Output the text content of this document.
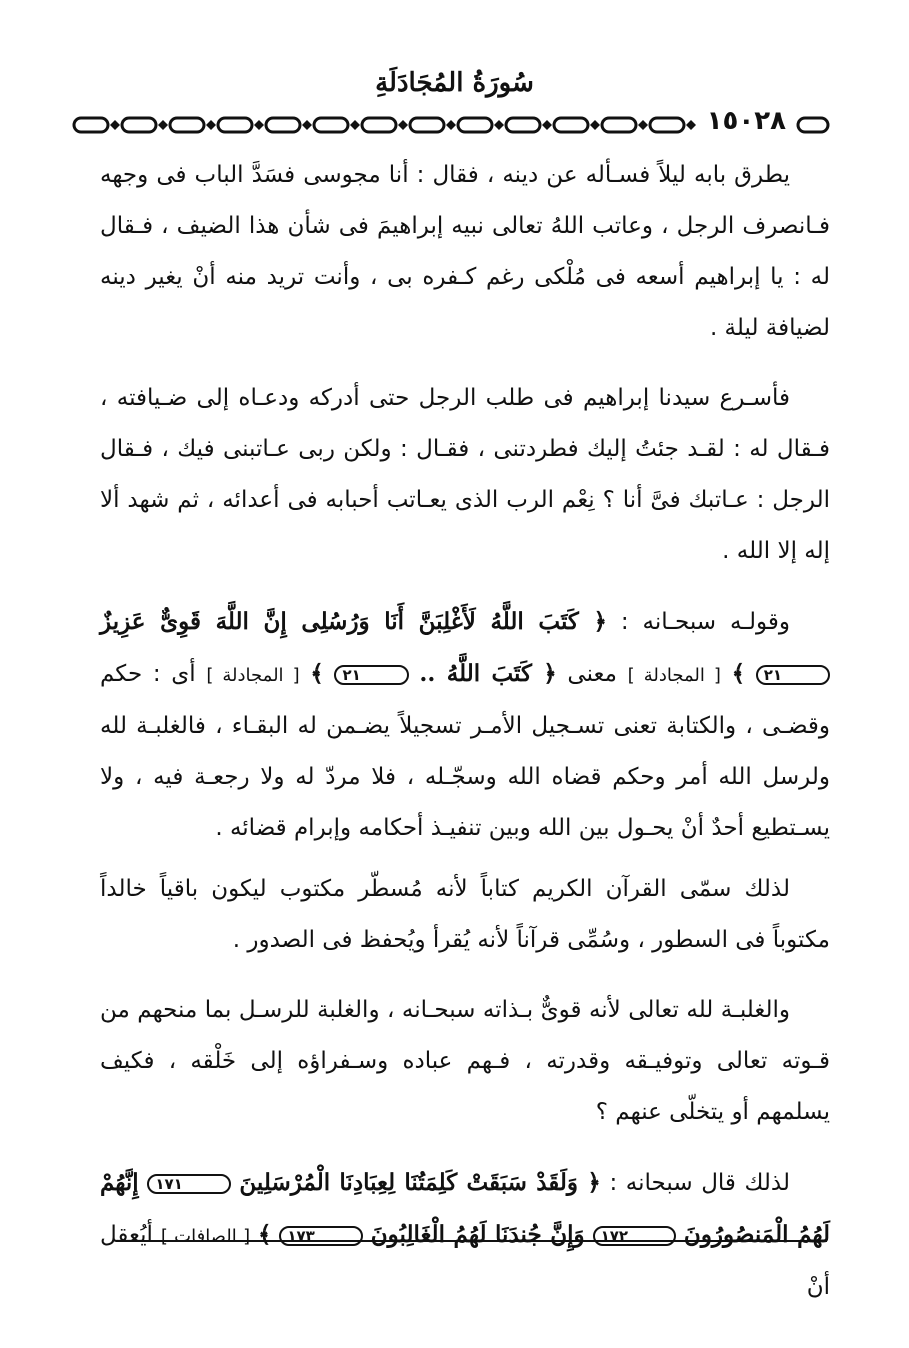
سُورَةُ المُجَادَلَةِ
١٥٠٢٨

يطرق بابه ليلاً فسـأله عن دينه ، فقال : أنا مجوسى فسَدَّ الباب فى وجهه فـانصرف الرجل ، وعاتب اللهُ تعالى نبيه إبراهيمَ فى شأن هذا الضيف ، فـقال له : يا إبراهيم أسعه فى مُلْكى رغم كـفره بى ، وأنت تريد منه أنْ يغير دينه لضيافة ليلة .

فأسـرع سيدنا إبراهيم فى طلب الرجل حتى أدركه ودعـاه إلى ضـيافته ، فـقال له : لقـد جئتُ إليك فطردتنى ، فقـال : ولكن ربى عـاتبنى فيك ، فـقال الرجل : عـاتبك فىَّ أنا ؟ نِعْم الرب الذى يعـاتب أحبابه فى أعدائه ، ثم شهد ألا إله إلا الله .

وقولـه سبحـانه : ﴿ كَتَبَ اللَّهُ لَأَغْلِبَنَّ أَنَا وَرُسُلِى إِنَّ اللَّهَ قَوِىٌّ عَزِيزٌ ٢١ ﴾ [ المجادلة ] معنى ﴿ كَتَبَ اللَّهُ .. ٢١ ﴾ [ المجادلة ] أى : حكم وقضـى ، والكتابة تعنى تسـجيل الأمـر تسجيلاً يضـمن له البقـاء ، فالغلبـة لله ولرسل الله أمر وحكم قضاه الله وسجّـله ، فلا مردّ له ولا رجعـة فيه ، ولا يسـتطيع أحدٌ أنْ يحـول بين الله وبين تنفيـذ أحكامه وإبرام قضائه .

لذلك سمّى القرآن الكريم كتاباً لأنه مُسطّر مكتوب ليكون باقياً خالداً مكتوباً فى السطور ، وسُمِّى قرآناً لأنه يُقرأ ويُحفظ فى الصدور .

والغلبـة لله تعالى لأنه قوىٌّ بـذاته سبحـانه ، والغلبة للرسـل بما منحهم من قـوته تعالى وتوفيـقه وقدرته ، فـهم عباده وسـفراؤه إلى خَلْقه ، فكيف يسلمهم أو يتخلّى عنهم ؟

لذلك قال سبحانه : ﴿ وَلَقَدْ سَبَقَتْ كَلِمَتُنَا لِعِبَادِنَا الْمُرْسَلِينَ ١٧١ إِنَّهُمْ لَهُمُ الْمَنصُورُونَ ١٧٢ وَإِنَّ جُندَنَا لَهُمُ الْغَالِبُونَ ١٧٣ ﴾ [ الصافات ] أيُعقل أنْ
